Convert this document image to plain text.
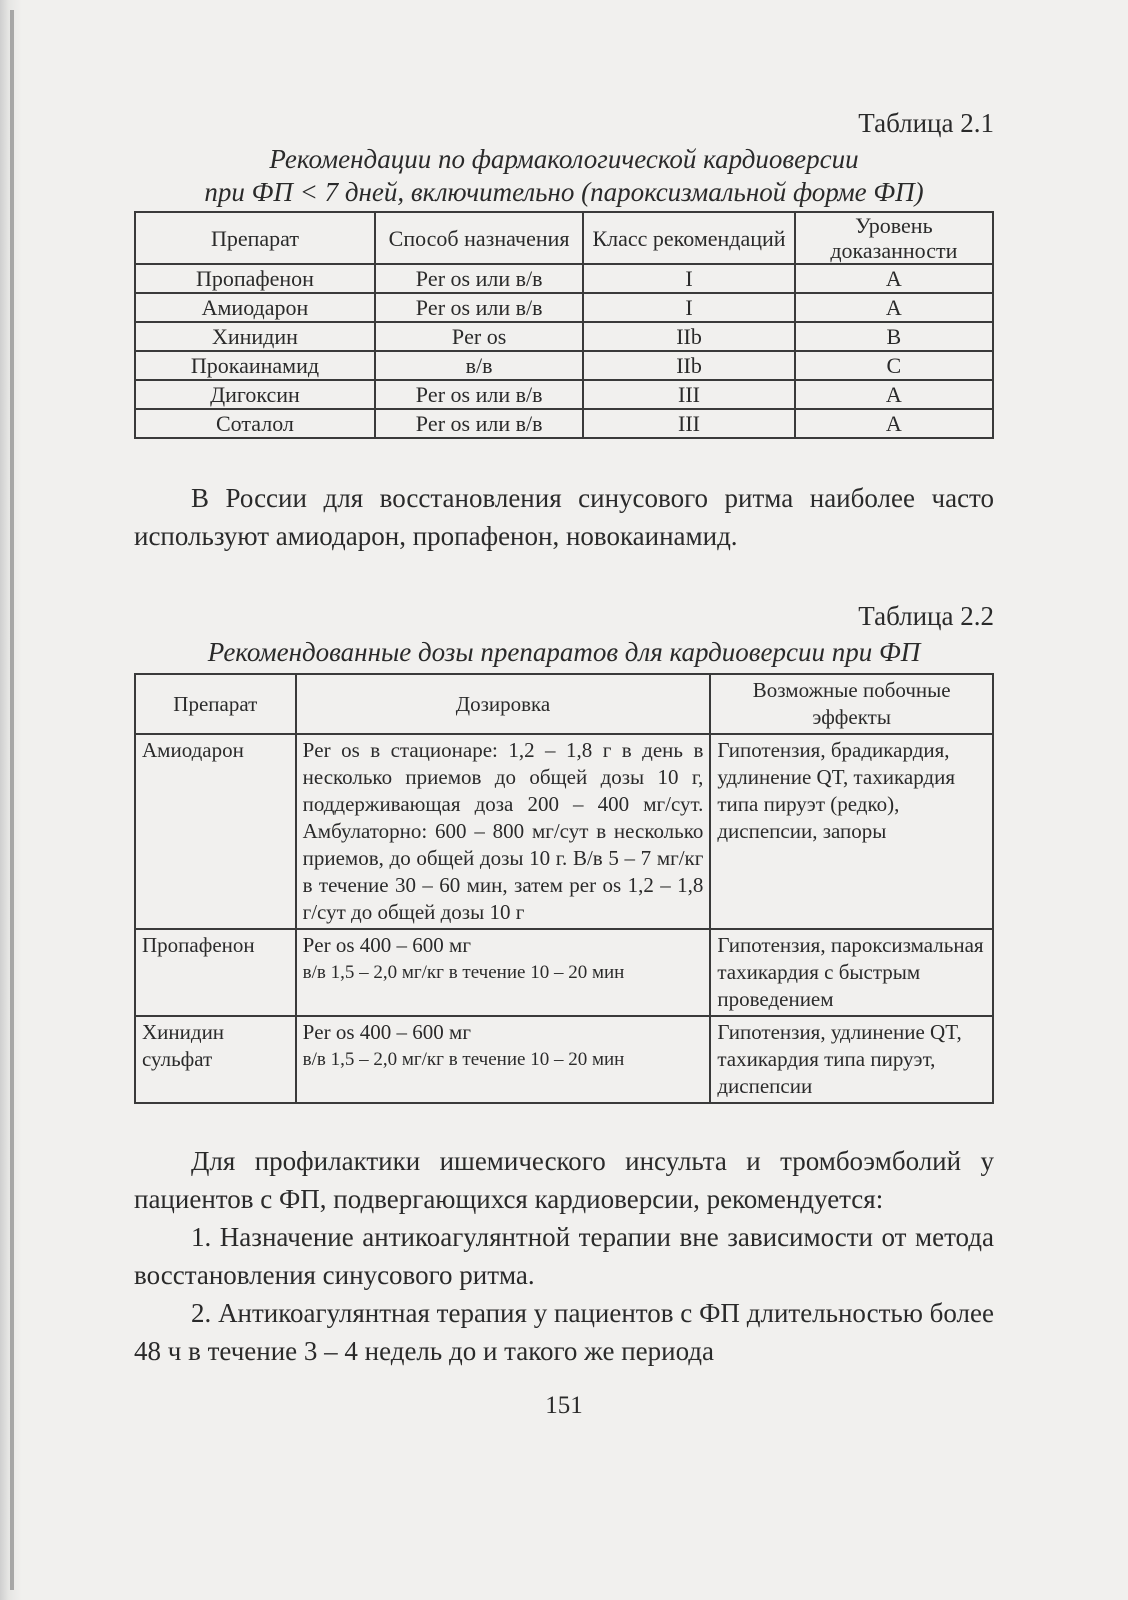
Таблица 2.1

Рекомендации по фармакологической кардиоверсии

при ФП < 7 дней, включительно (пароксизмальной форме ФП)

Препарат	Способ назначения	Класс рекомендаций	Уровень доказанности
Пропафенон	Per os или в/в	I	A
Амиодарон	Per os или в/в	I	A
Хинидин	Per os	IIb	B
Прокаинамид	в/в	IIb	C
Дигоксин	Per os или в/в	III	A
Соталол	Per os или в/в	III	A

В России для восстановления синусового ритма наиболее часто используют амиодарон, пропафенон, новокаинамид.

Таблица 2.2

Рекомендованные дозы препаратов для кардиоверсии при ФП

Препарат	Дозировка	Возможные побочные эффекты
Амиодарон	Per os в стационаре: 1,2 – 1,8 г в день в несколько приемов до общей дозы 10 г, поддерживающая доза 200 – 400 мг/сут. Амбулаторно: 600 – 800 мг/сут в несколько приемов, до общей дозы 10 г. В/в 5 – 7 мг/кг в течение 30 – 60 мин, затем per os 1,2 – 1,8 г/сут до общей дозы 10 г	Гипотензия, брадикардия, удлинение QT, тахикардия типа пируэт (редко), диспепсии, запоры
Пропафенон	Per os 400 – 600 мг
в/в 1,5 – 2,0 мг/кг в течение 10 – 20 мин	Гипотензия, пароксизмальная тахикардия с быстрым проведением
Хинидин сульфат	Per os 400 – 600 мг
в/в 1,5 – 2,0 мг/кг в течение 10 – 20 мин	Гипотензия, удлинение QT, тахикардия типа пируэт, диспепсии

Для профилактики ишемического инсульта и тромбоэмболий у пациентов с ФП, подвергающихся кардиоверсии, рекомендуется:

1. Назначение антикоагулянтной терапии вне зависимости от метода восстановления синусового ритма.

2. Антикоагулянтная терапия у пациентов с ФП длительностью более 48 ч в течение 3 – 4 недель до и такого же периода

151
